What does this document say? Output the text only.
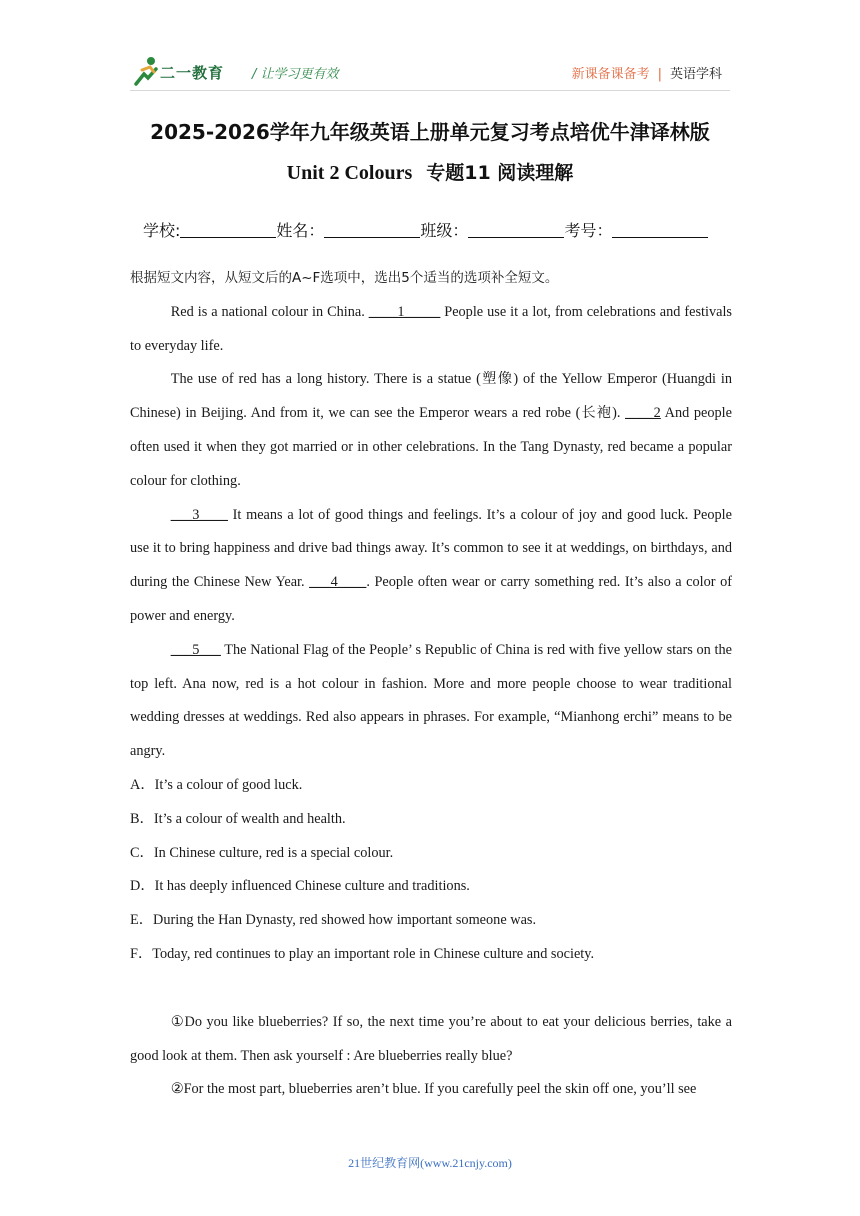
二一教育 / 让学习更有效	新课备课备考 | 英语学科
2025-2026学年九年级英语上册单元复习考点培优牛津译林版
Unit 2 Colours 专题11 阅读理解
学校:	姓名：	班级：	考号：
根据短文内容，从短文后的A~F选项中，选出5个适当的选项补全短文。
Red is a national colour in China. ____1_____ People use it a lot, from celebrations and festivals to everyday life.
The use of red has a long history. There is a statue (塑像) of the Yellow Emperor (Huangdi in Chinese) in Beijing. And from it, we can see the Emperor wears a red robe (长袍). ____2 And people often used it when they got married or in other celebrations. In the Tang Dynasty, red became a popular colour for clothing.
___3____ It means a lot of good things and feelings. It’s a colour of joy and good luck. People use it to bring happiness and drive bad things away. It’s common to see it at weddings, on birthdays, and during the Chinese New Year. ___4____. People often wear or carry something red. It’s also a color of power and energy.
___5___ The National Flag of the People’ s Republic of China is red with five yellow stars on the top left. Ana now, red is a hot colour in fashion. More and more people choose to wear traditional wedding dresses at weddings. Red also appears in phrases. For example, “Mianhong erchi” means to be angry.
A．It’s a colour of good luck.
B．It’s a colour of wealth and health.
C．In Chinese culture, red is a special colour.
D．It has deeply influenced Chinese culture and traditions.
E．During the Han Dynasty, red showed how important someone was.
F．Today, red continues to play an important role in Chinese culture and society.
①Do you like blueberries? If so, the next time you’re about to eat your delicious berries, take a good look at them. Then ask yourself : Are blueberries really blue?
②For the most part, blueberries aren’t blue. If you carefully peel the skin off one, you’ll see
21世纪教育网(www.21cnjy.com)
